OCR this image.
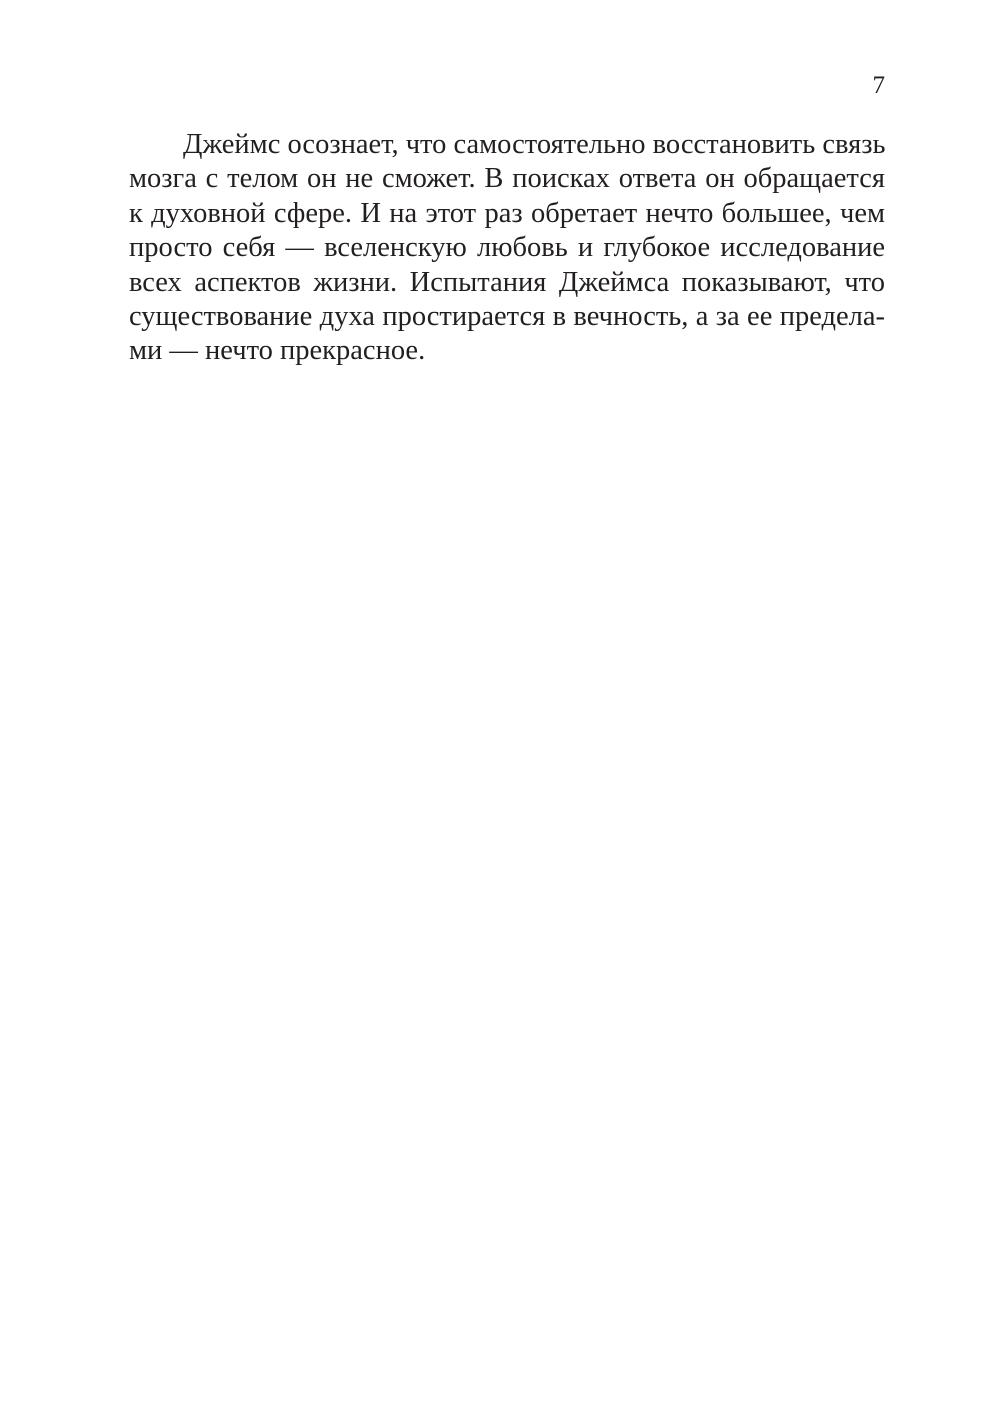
7

Джеймс осознает, что самостоятельно восстановить связь
мозга с телом он не сможет. В поисках ответа он обращается
к духовной сфере. И на этот раз обретает нечто большее, чем
просто себя — вселенскую любовь и глубокое исследование
всех аспектов жизни. Испытания Джеймса показывают, что
существование духа простирается в вечность, а за ее предела-
ми — нечто прекрасное.
